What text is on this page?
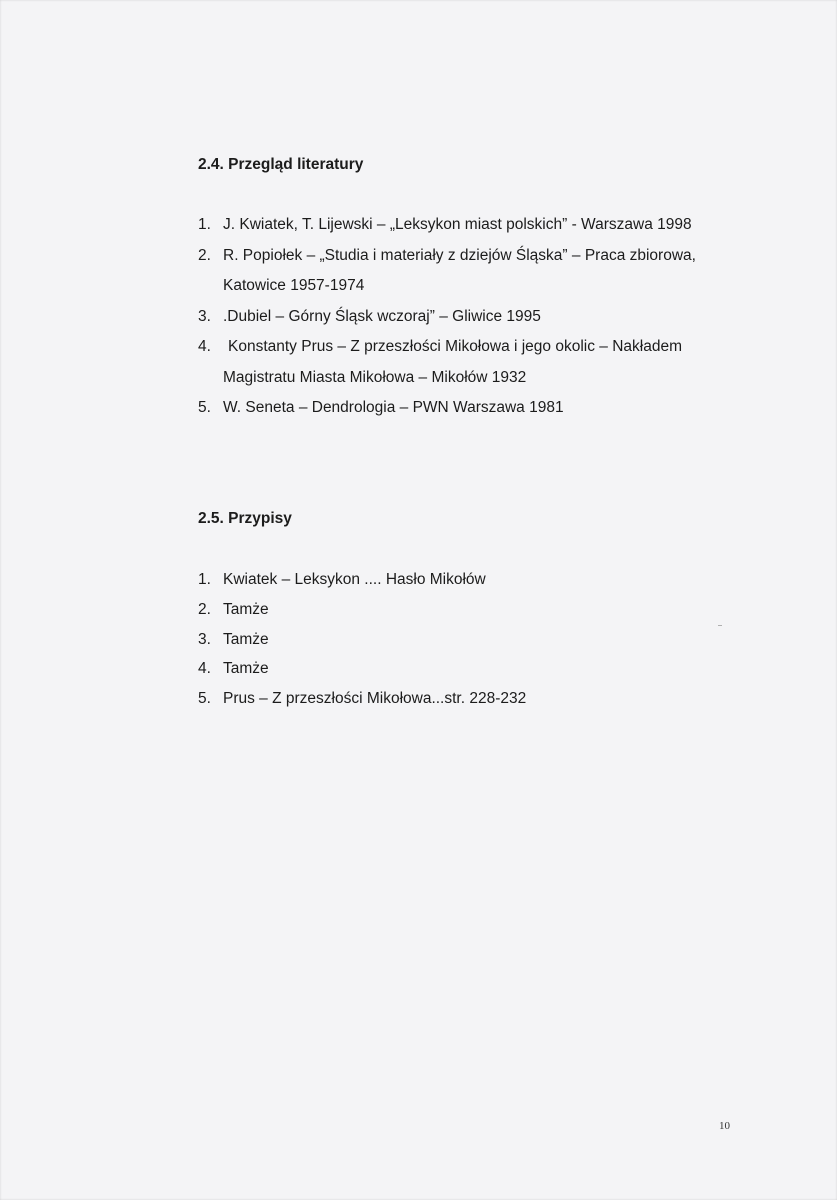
2.4. Przegląd literatury
1. J. Kwiatek, T. Lijewski – „Leksykon miast polskich” - Warszawa 1998
2. R. Popiołek – „Studia i materiały z dziejów Śląska” – Praca zbiorowa, Katowice 1957-1974
3. .Dubiel – Górny Śląsk wczoraj” – Gliwice 1995
4. Konstanty Prus – Z przeszłości Mikołowa i jego okolic – Nakładem Magistratu Miasta Mikołowa – Mikołów 1932
5. W. Seneta – Dendrologia – PWN Warszawa 1981
2.5. Przypisy
1. Kwiatek – Leksykon .... Hasło Mikołów
2. Tamże
3. Tamże
4. Tamże
5. Prus – Z przeszłości Mikołowa...str. 228-232
10
